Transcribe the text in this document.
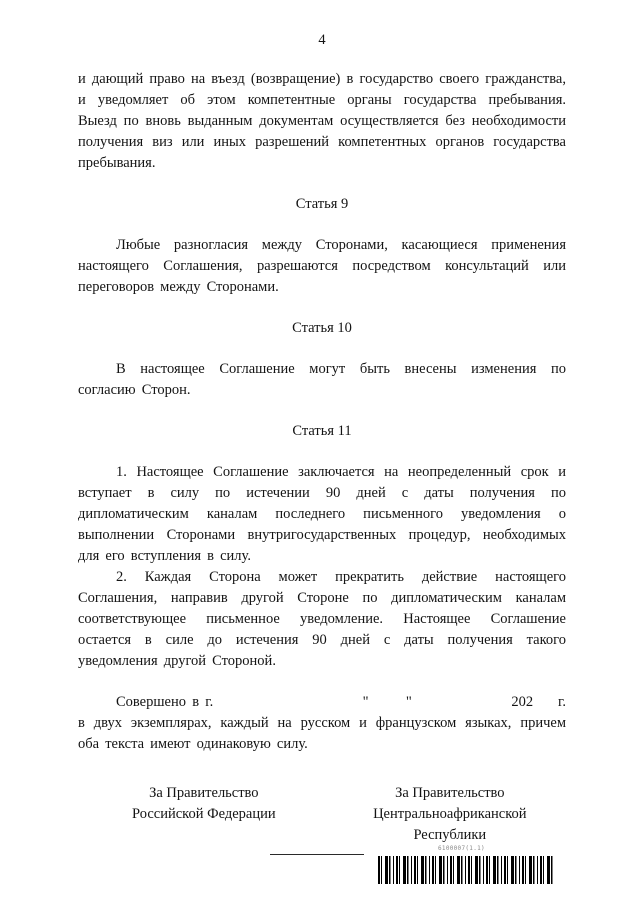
4

и дающий право на въезд (возвращение) в государство своего гражданства, и уведомляет об этом компетентные органы государства пребывания. Выезд по вновь выданным документам осуществляется без необходимости получения виз или иных разрешений компетентных органов государства пребывания.

Статья 9

Любые разногласия между Сторонами, касающиеся применения настоящего Соглашения, разрешаются посредством консультаций или переговоров между Сторонами.

Статья 10

В настоящее Соглашение могут быть внесены изменения по согласию Сторон.

Статья 11

1. Настоящее Соглашение заключается на неопределенный срок и вступает в силу по истечении 90 дней с даты получения по дипломатическим каналам последнего письменного уведомления о выполнении Сторонами внутригосударственных процедур, необходимых для его вступления в силу.

2. Каждая Сторона может прекратить действие настоящего Соглашения, направив другой Стороне по дипломатическим каналам соответствующее письменное уведомление. Настоящее Соглашение остается в силе до истечения 90 дней с даты получения такого уведомления другой Стороной.

Совершено в г.                        "      "                202    г. в двух экземплярах, каждый на русском и французском языках, причем оба текста имеют одинаковую силу.

За Правительство
Российской Федерации
За Правительство
Центральноафриканской
Республики
6100007(1.1)
